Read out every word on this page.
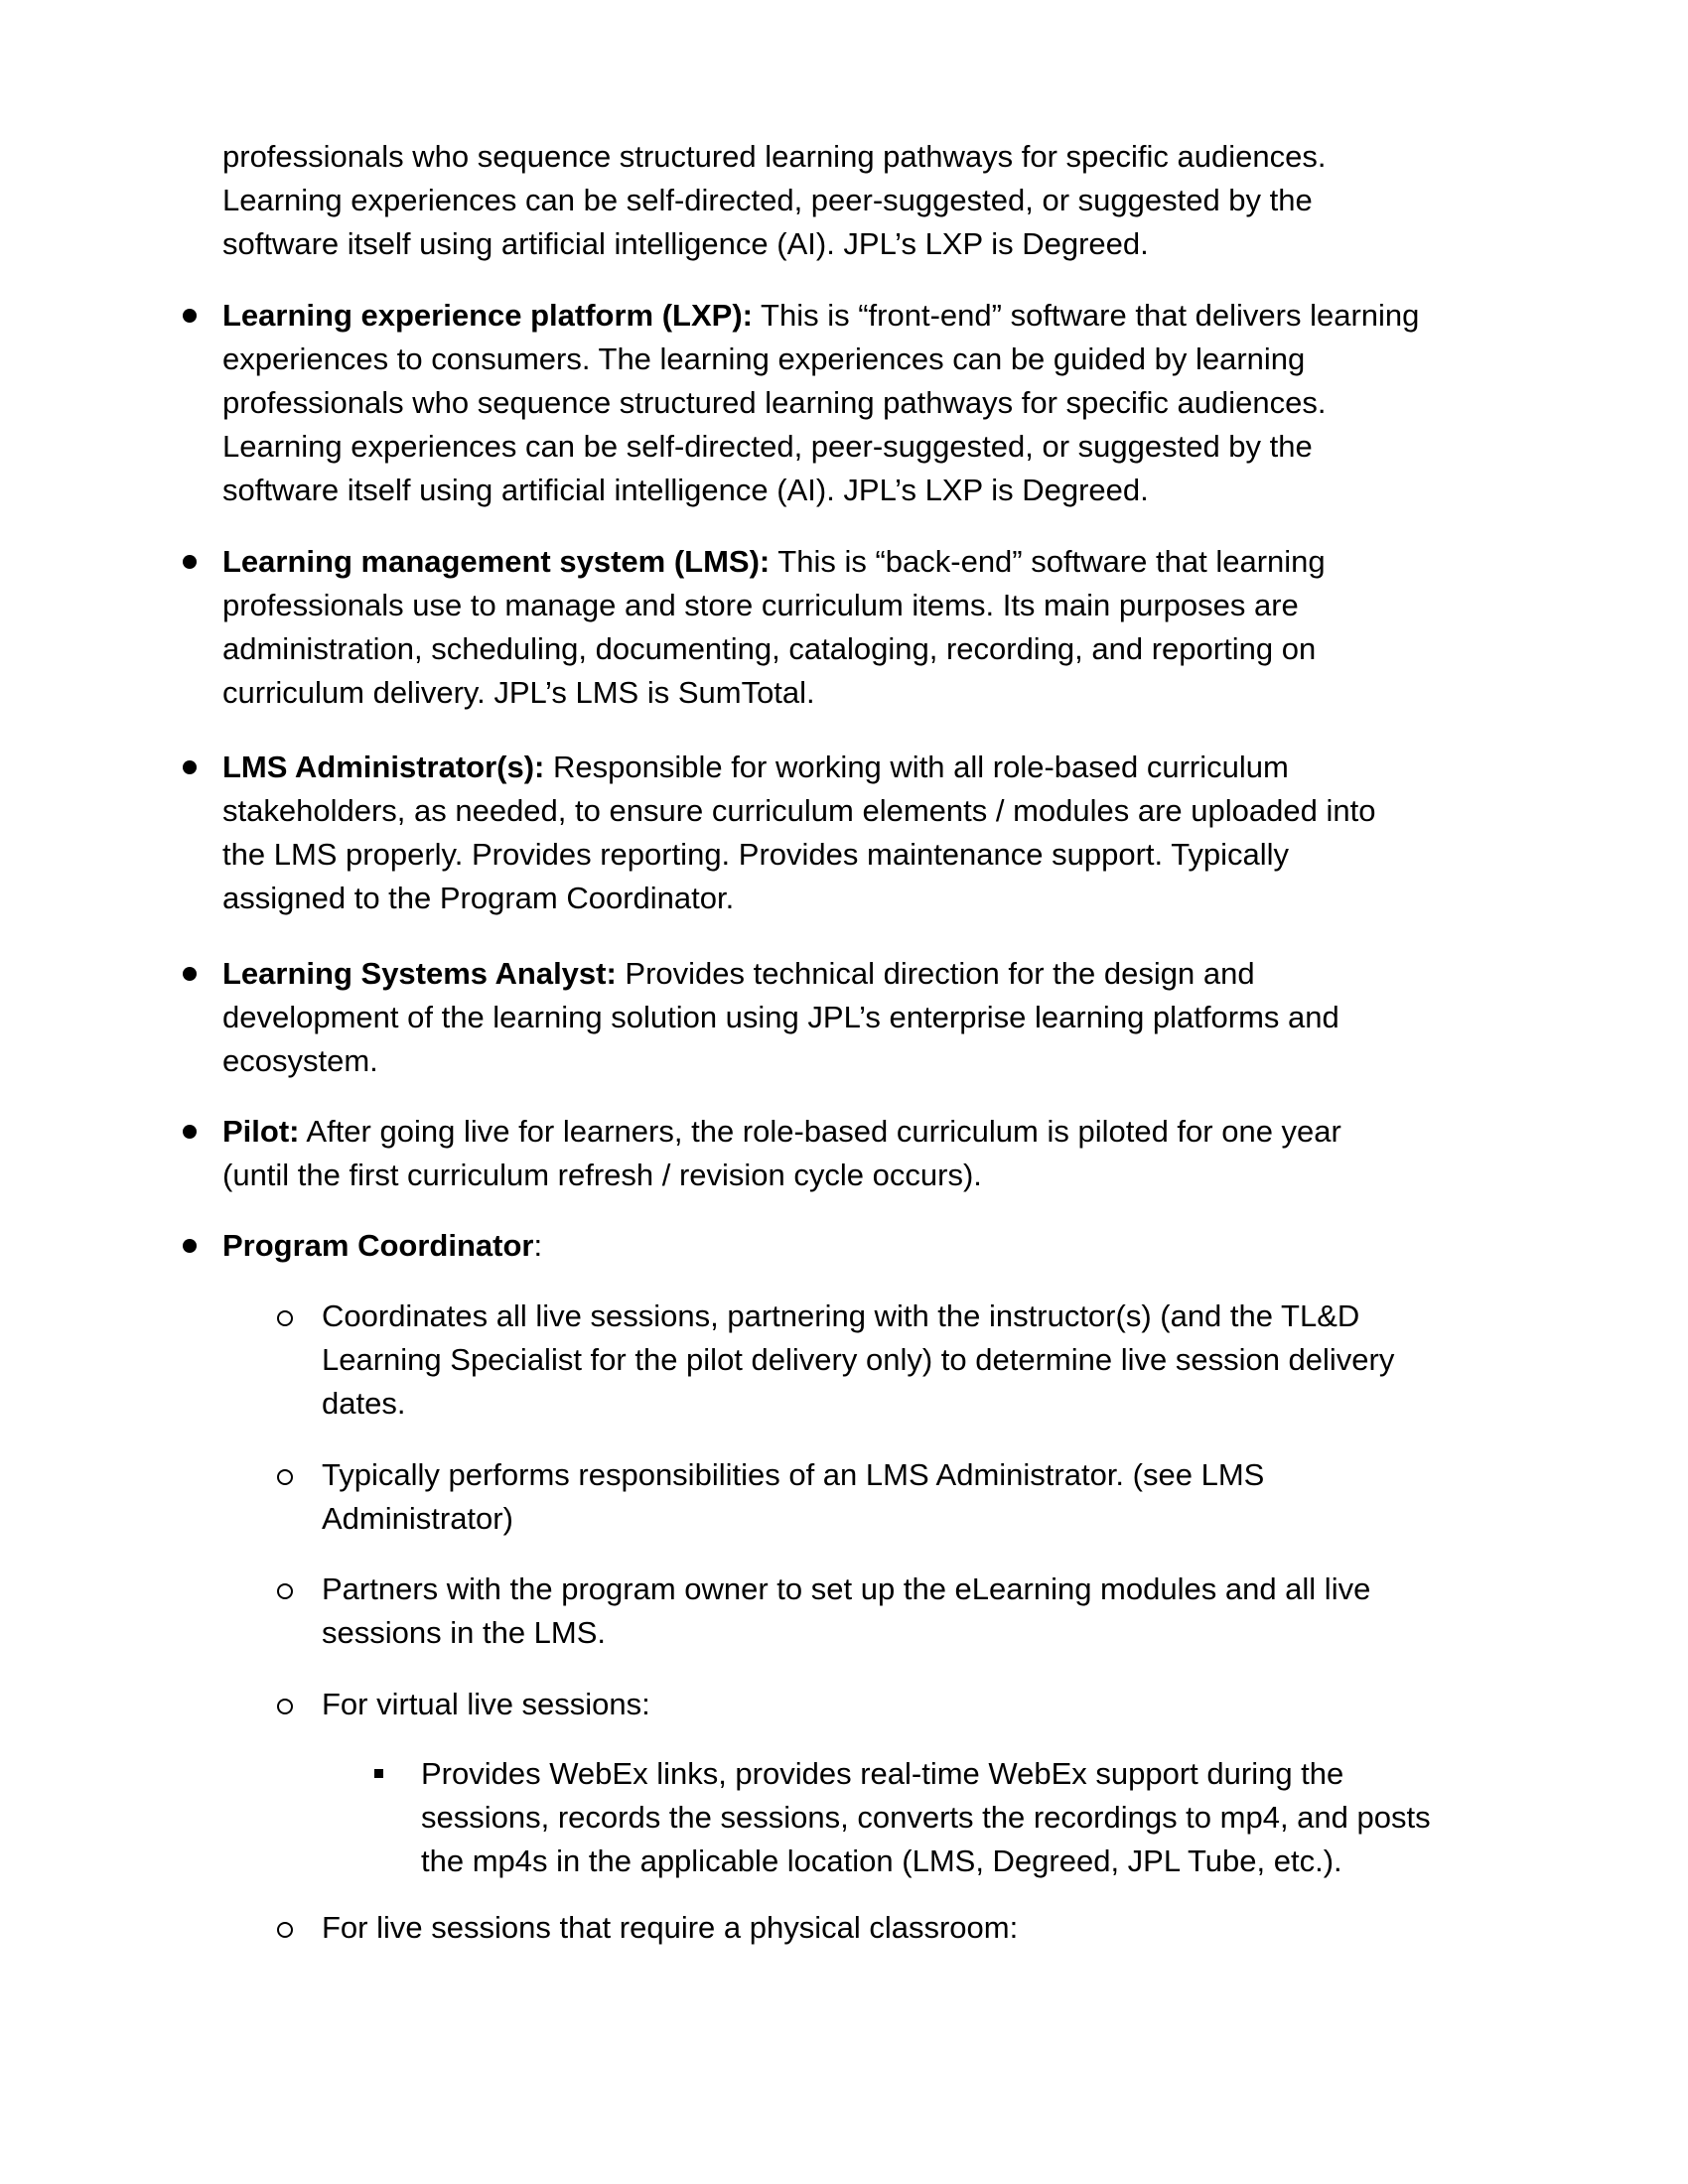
professionals who sequence structured learning pathways for specific audiences.
Learning experiences can be self-directed, peer-suggested, or suggested by the
software itself using artificial intelligence (AI). JPL’s LXP is Degreed.
Learning experience platform (LXP): This is “front-end” software that delivers learning
experiences to consumers. The learning experiences can be guided by learning
professionals who sequence structured learning pathways for specific audiences.
Learning experiences can be self-directed, peer-suggested, or suggested by the
software itself using artificial intelligence (AI). JPL’s LXP is Degreed.
Learning management system (LMS): This is “back-end” software that learning
professionals use to manage and store curriculum items. Its main purposes are
administration, scheduling, documenting, cataloging, recording, and reporting on
curriculum delivery. JPL’s LMS is SumTotal.
LMS Administrator(s): Responsible for working with all role-based curriculum
stakeholders, as needed, to ensure curriculum elements / modules are uploaded into
the LMS properly. Provides reporting. Provides maintenance support. Typically
assigned to the Program Coordinator.
Learning Systems Analyst: Provides technical direction for the design and
development of the learning solution using JPL’s enterprise learning platforms and
ecosystem.
Pilot: After going live for learners, the role-based curriculum is piloted for one year
(until the first curriculum refresh / revision cycle occurs).
Program Coordinator:
Coordinates all live sessions, partnering with the instructor(s) (and the TL&D
Learning Specialist for the pilot delivery only) to determine live session delivery
dates.
Typically performs responsibilities of an LMS Administrator. (see LMS
Administrator)
Partners with the program owner to set up the eLearning modules and all live
sessions in the LMS.
For virtual live sessions:
Provides WebEx links, provides real-time WebEx support during the
sessions, records the sessions, converts the recordings to mp4, and posts
the mp4s in the applicable location (LMS, Degreed, JPL Tube, etc.).
For live sessions that require a physical classroom:
